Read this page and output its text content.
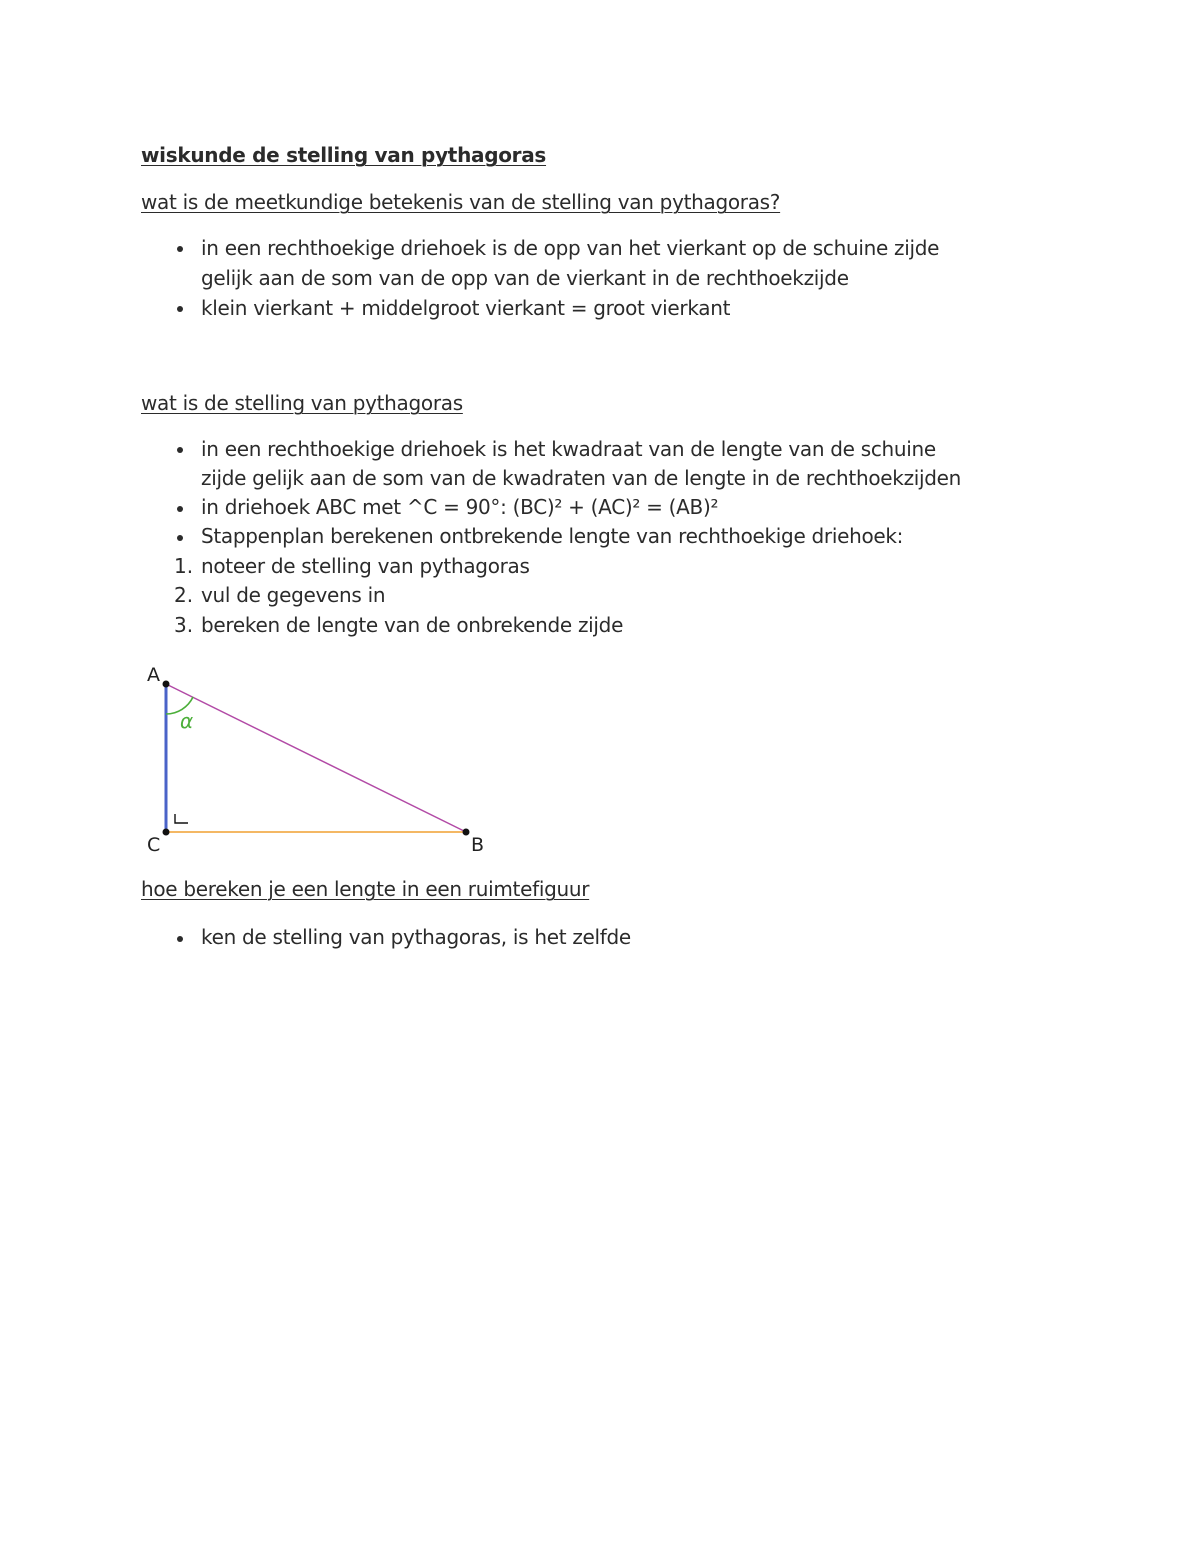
wiskunde de stelling van pythagoras
wat is de meetkundige betekenis van de stelling van pythagoras?
in een rechthoekige driehoek is de opp van het vierkant op de schuine zijde
gelijk aan de som van de opp van de vierkant in de rechthoekzijde
klein vierkant + middelgroot vierkant = groot vierkant
wat is de stelling van pythagoras
in een rechthoekige driehoek is het kwadraat van de lengte van de schuine
zijde gelijk aan de som van de kwadraten van de lengte in de rechthoekzijden
in driehoek ABC met ^C = 90°: (BC)² + (AC)² = (AB)²
Stappenplan berekenen ontbrekende lengte van rechthoekige driehoek:
1. noteer de stelling van pythagoras
2. vul de gegevens in
3. bereken de lengte van de onbrekende zijde
A
B
C
α
hoe bereken je een lengte in een ruimtefiguur
ken de stelling van pythagoras, is het zelfde
